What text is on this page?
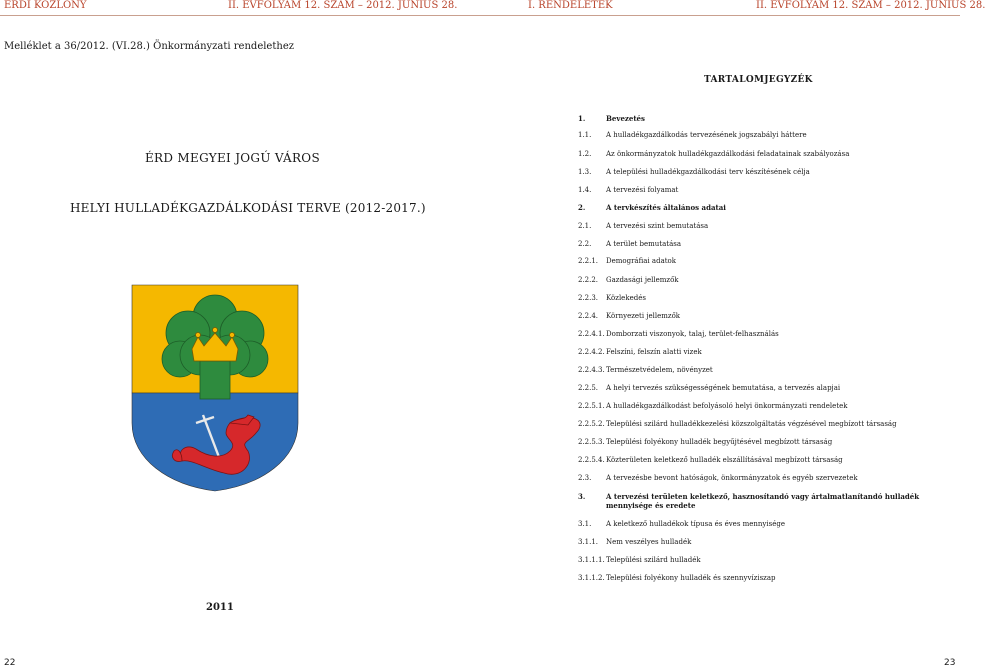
ÉRDI KÖZLÖNY	II. ÉVFOLYAM 12. SZÁM – 2012. JÚNIUS 28.	I. RENDELETEK	II. ÉVFOLYAM 12. SZÁM – 2012. JÚNIUS 28.
Melléklet a 36/2012. (VI.28.) Önkormányzati rendelethez
TARTALOMJEGYZÉK
ÉRD MEGYEI JOGÚ VÁROS
HELYI HULLADÉKGAZDÁLKODÁSI TERVE (2012-2017.)
2011
1.	Bevezetés
1.1. A hulladékgazdálkodás tervezésének jogszabályi háttere
1.2. Az önkormányzatok hulladékgazdálkodási feladatainak szabályozása
1.3. A települési hulladékgazdálkodási terv készítésének célja
1.4. A tervezési folyamat
2.	A tervkészítés általános adatai
2.1. A tervezési szint bemutatása
2.2. A terület bemutatása
2.2.1. Demográfiai adatok
2.2.2. Gazdasági jellemzők
2.2.3. Közlekedés
2.2.4. Környezeti jellemzők
2.2.4.1. Domborzati viszonyok, talaj, terület-felhasználás
2.2.4.2. Felszíni, felszín alatti vizek
2.2.4.3. Természetvédelem, növényzet
2.2.5. A helyi tervezés szükségességének bemutatása, a tervezés alapjai
2.2.5.1. A hulladékgazdálkodást befolyásoló helyi önkormányzati rendeletek
2.2.5.2. Települési szilárd hulladékkezelési közszolgáltatás végzésével megbízott társaság
2.2.5.3. Települési folyékony hulladék begyűjtésével megbízott társaság
2.2.5.4. Közterületen keletkező hulladék elszállításával megbízott társaság
2.3. A tervezésbe bevont hatóságok, önkormányzatok és egyéb szervezetek
3.	A tervezési területen keletkező, hasznosítandó vagy ártalmatlanítandó hulladék mennyisége és eredete
3.1. A keletkező hulladékok típusa és éves mennyisége
3.1.1. Nem veszélyes hulladék
3.1.1.1. Települési szilárd hulladék
3.1.1.2. Települési folyékony hulladék és szennyvíziszap
22	23
